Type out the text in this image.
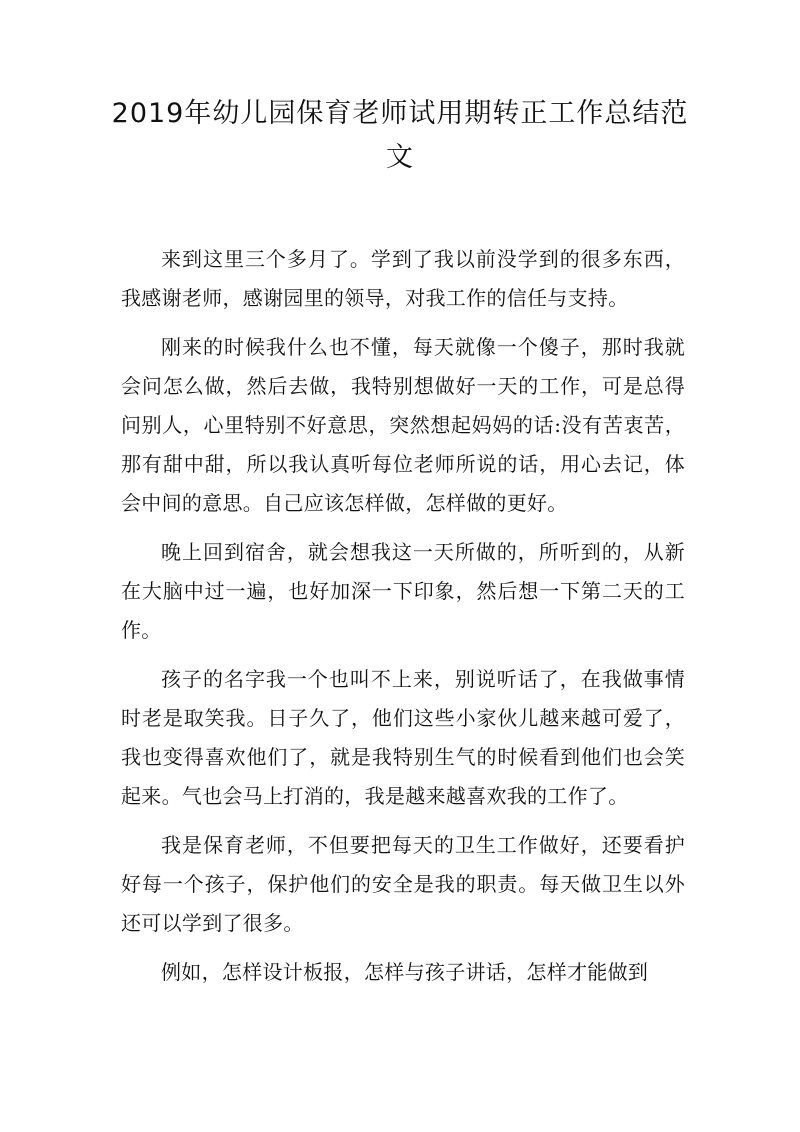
2019年幼儿园保育老师试用期转正工作总结范文

来到这里三个多月了。学到了我以前没学到的很多东西，我感谢老师，感谢园里的领导，对我工作的信任与支持。

刚来的时候我什么也不懂，每天就像一个傻子，那时我就会问怎么做，然后去做，我特别想做好一天的工作，可是总得问别人，心里特别不好意思，突然想起妈妈的话:没有苦衷苦，那有甜中甜，所以我认真听每位老师所说的话，用心去记，体会中间的意思。自己应该怎样做，怎样做的更好。

晚上回到宿舍，就会想我这一天所做的，所听到的，从新在大脑中过一遍，也好加深一下印象，然后想一下第二天的工作。

孩子的名字我一个也叫不上来，别说听话了，在我做事情时老是取笑我。日子久了，他们这些小家伙儿越来越可爱了，我也变得喜欢他们了，就是我特别生气的时候看到他们也会笑起来。气也会马上打消的，我是越来越喜欢我的工作了。

我是保育老师，不但要把每天的卫生工作做好，还要看护好每一个孩子，保护他们的安全是我的职责。每天做卫生以外还可以学到了很多。

例如，怎样设计板报，怎样与孩子讲话，怎样才能做到
